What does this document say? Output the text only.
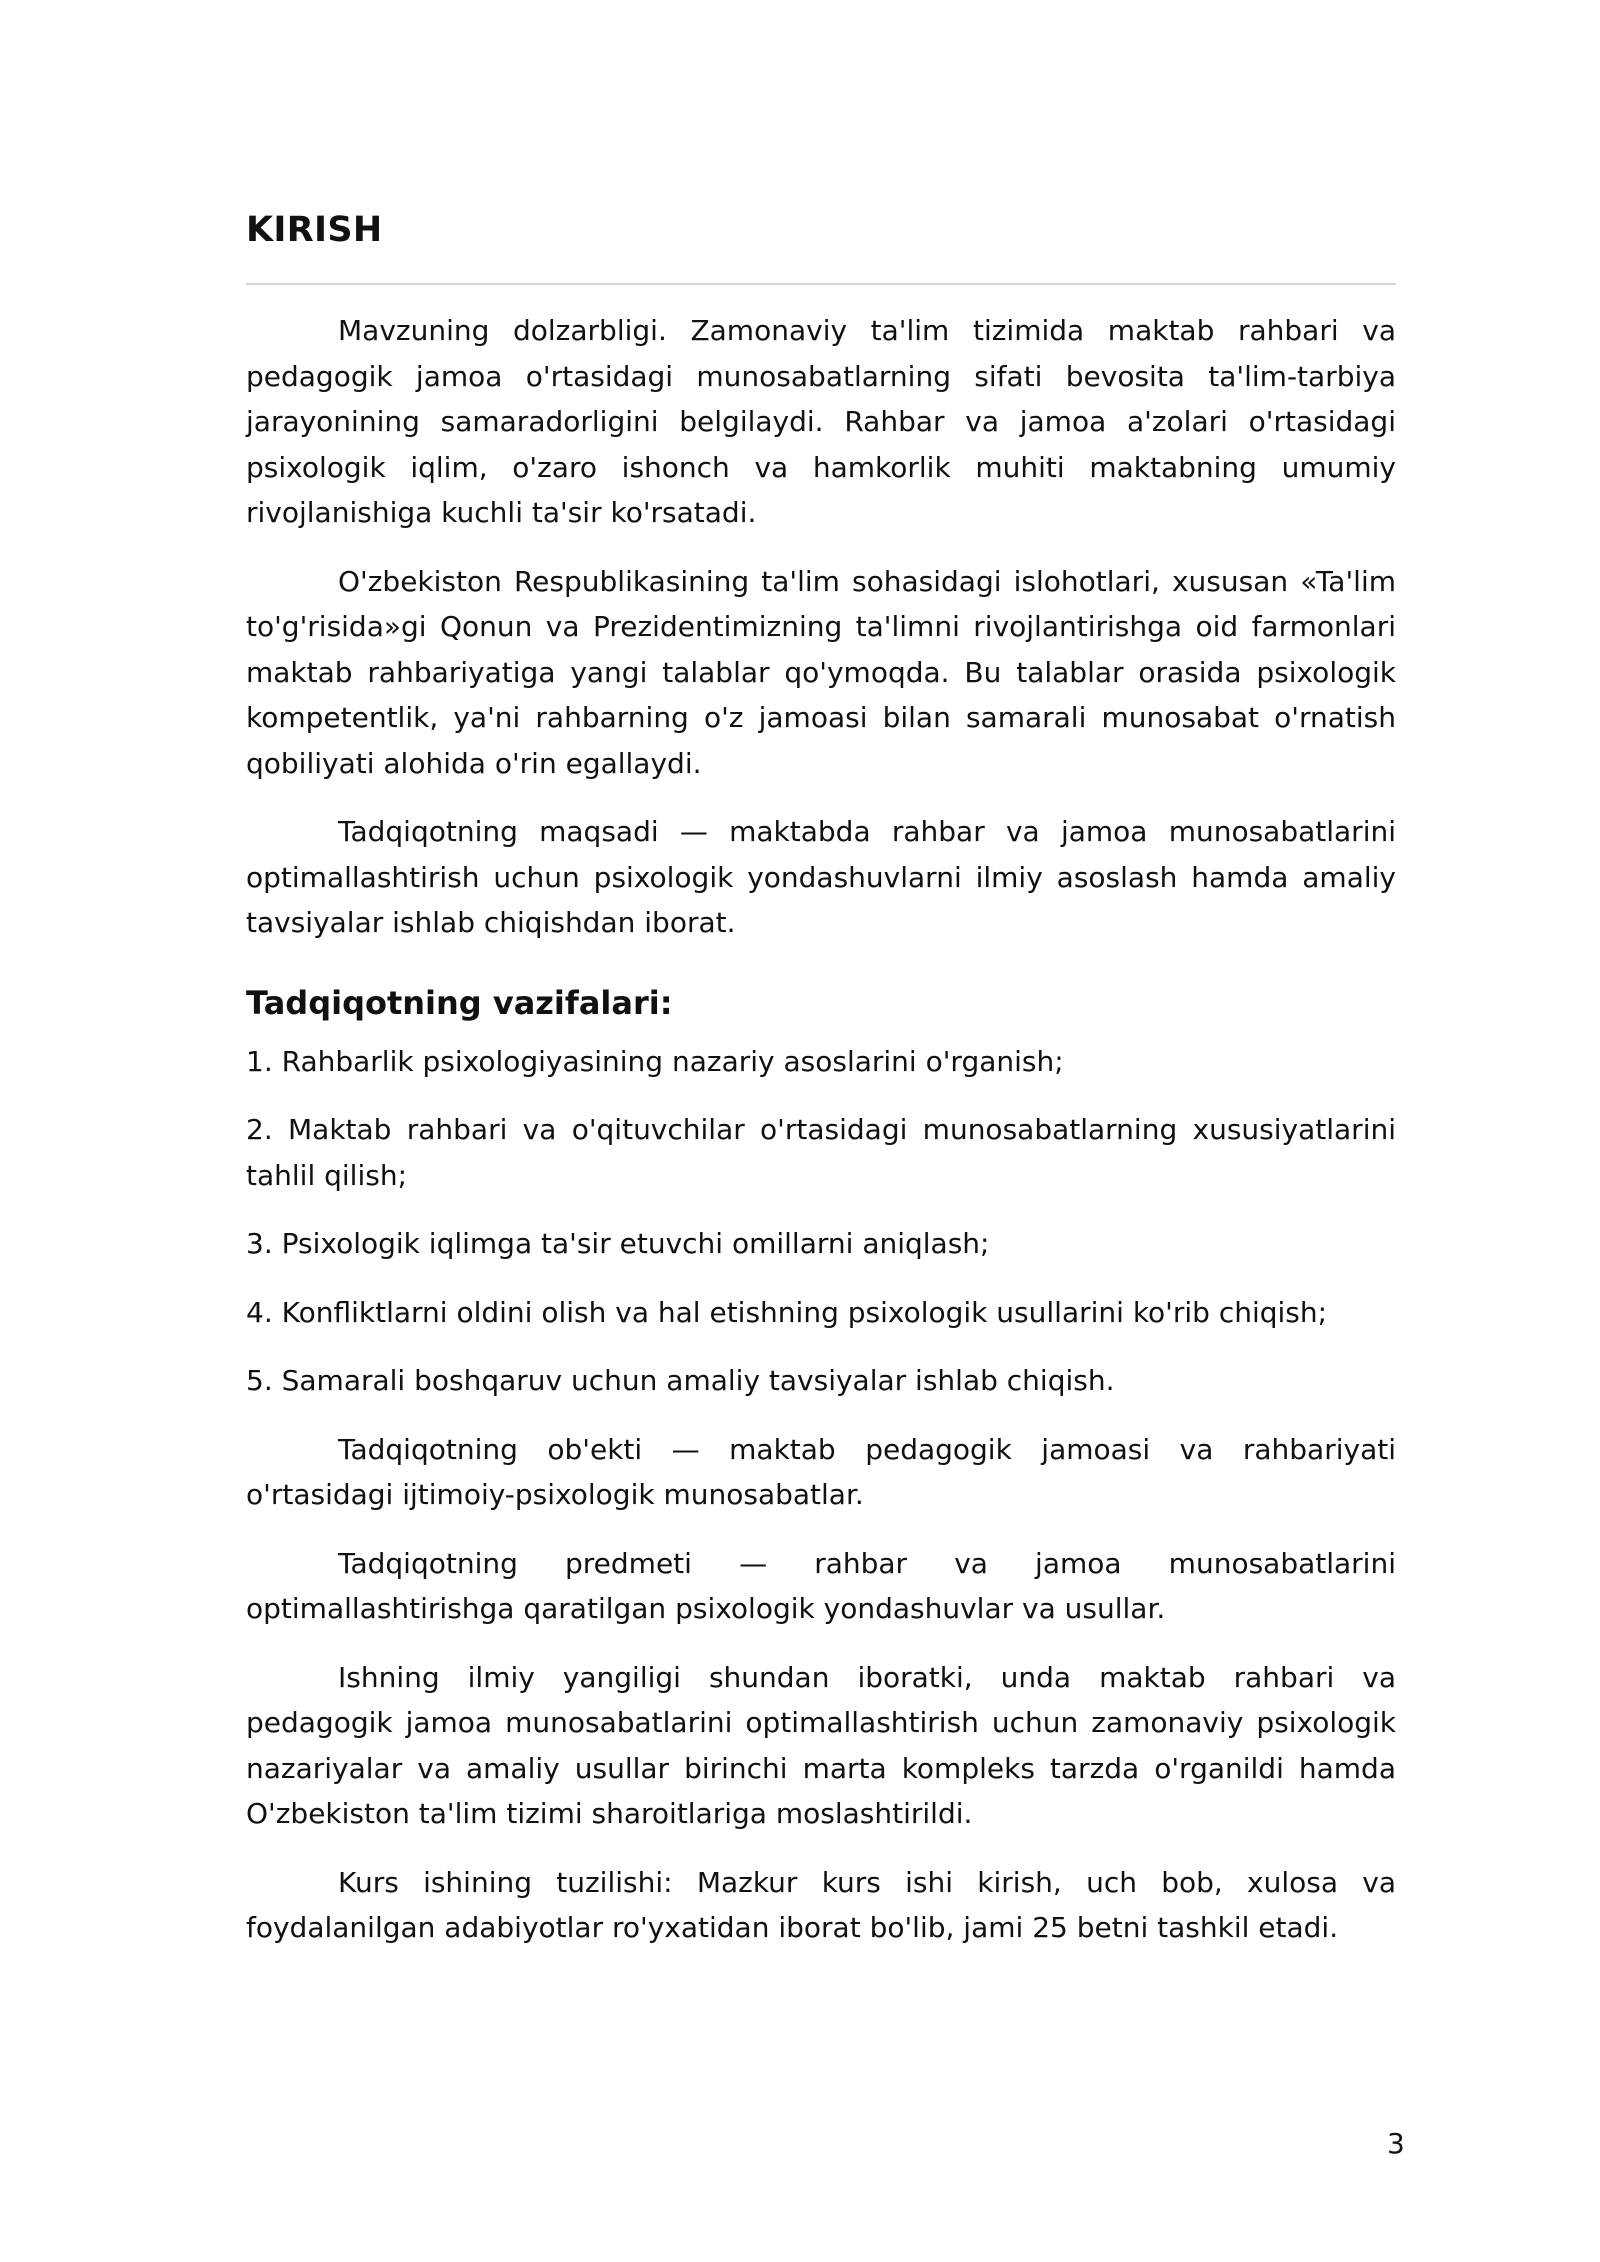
KIRISH

Mavzuning dolzarbligi. Zamonaviy ta'lim tizimida maktab rahbari va pedagogik jamoa o'rtasidagi munosabatlarning sifati bevosita ta'lim-tarbiya jarayonining samaradorligini belgilaydi. Rahbar va jamoa a'zolari o'rtasidagi psixologik iqlim, o'zaro ishonch va hamkorlik muhiti maktabning umumiy rivojlanishiga kuchli ta'sir ko'rsatadi.

O'zbekiston Respublikasining ta'lim sohasidagi islohotlari, xususan «Ta'lim to'g'risida»gi Qonun va Prezidentimizning ta'limni rivojlantirishga oid farmonlari maktab rahbariyatiga yangi talablar qo'ymoqda. Bu talablar orasida psixologik kompetentlik, ya'ni rahbarning o'z jamoasi bilan samarali munosabat o'rnatish qobiliyati alohida o'rin egallaydi.

Tadqiqotning maqsadi — maktabda rahbar va jamoa munosabatlarini optimallashtirish uchun psixologik yondashuvlarni ilmiy asoslash hamda amaliy tavsiyalar ishlab chiqishdan iborat.

Tadqiqotning vazifalari:

1. Rahbarlik psixologiyasining nazariy asoslarini o'rganish;

2. Maktab rahbari va o'qituvchilar o'rtasidagi munosabatlarning xususiyatlarini tahlil qilish;

3. Psixologik iqlimga ta'sir etuvchi omillarni aniqlash;

4. Konfliktlarni oldini olish va hal etishning psixologik usullarini ko'rib chiqish;

5. Samarali boshqaruv uchun amaliy tavsiyalar ishlab chiqish.

Tadqiqotning ob'ekti — maktab pedagogik jamoasi va rahbariyati o'rtasidagi ijtimoiy-psixologik munosabatlar.

Tadqiqotning predmeti — rahbar va jamoa munosabatlarini optimallashtirishga qaratilgan psixologik yondashuvlar va usullar.

Ishning ilmiy yangiligi shundan iboratki, unda maktab rahbari va pedagogik jamoa munosabatlarini optimallashtirish uchun zamonaviy psixologik nazariyalar va amaliy usullar birinchi marta kompleks tarzda o'rganildi hamda O'zbekiston ta'lim tizimi sharoitlariga moslashtirildi.

Kurs ishining tuzilishi: Mazkur kurs ishi kirish, uch bob, xulosa va foydalanilgan adabiyotlar ro'yxatidan iborat bo'lib, jami 25 betni tashkil etadi.

3
